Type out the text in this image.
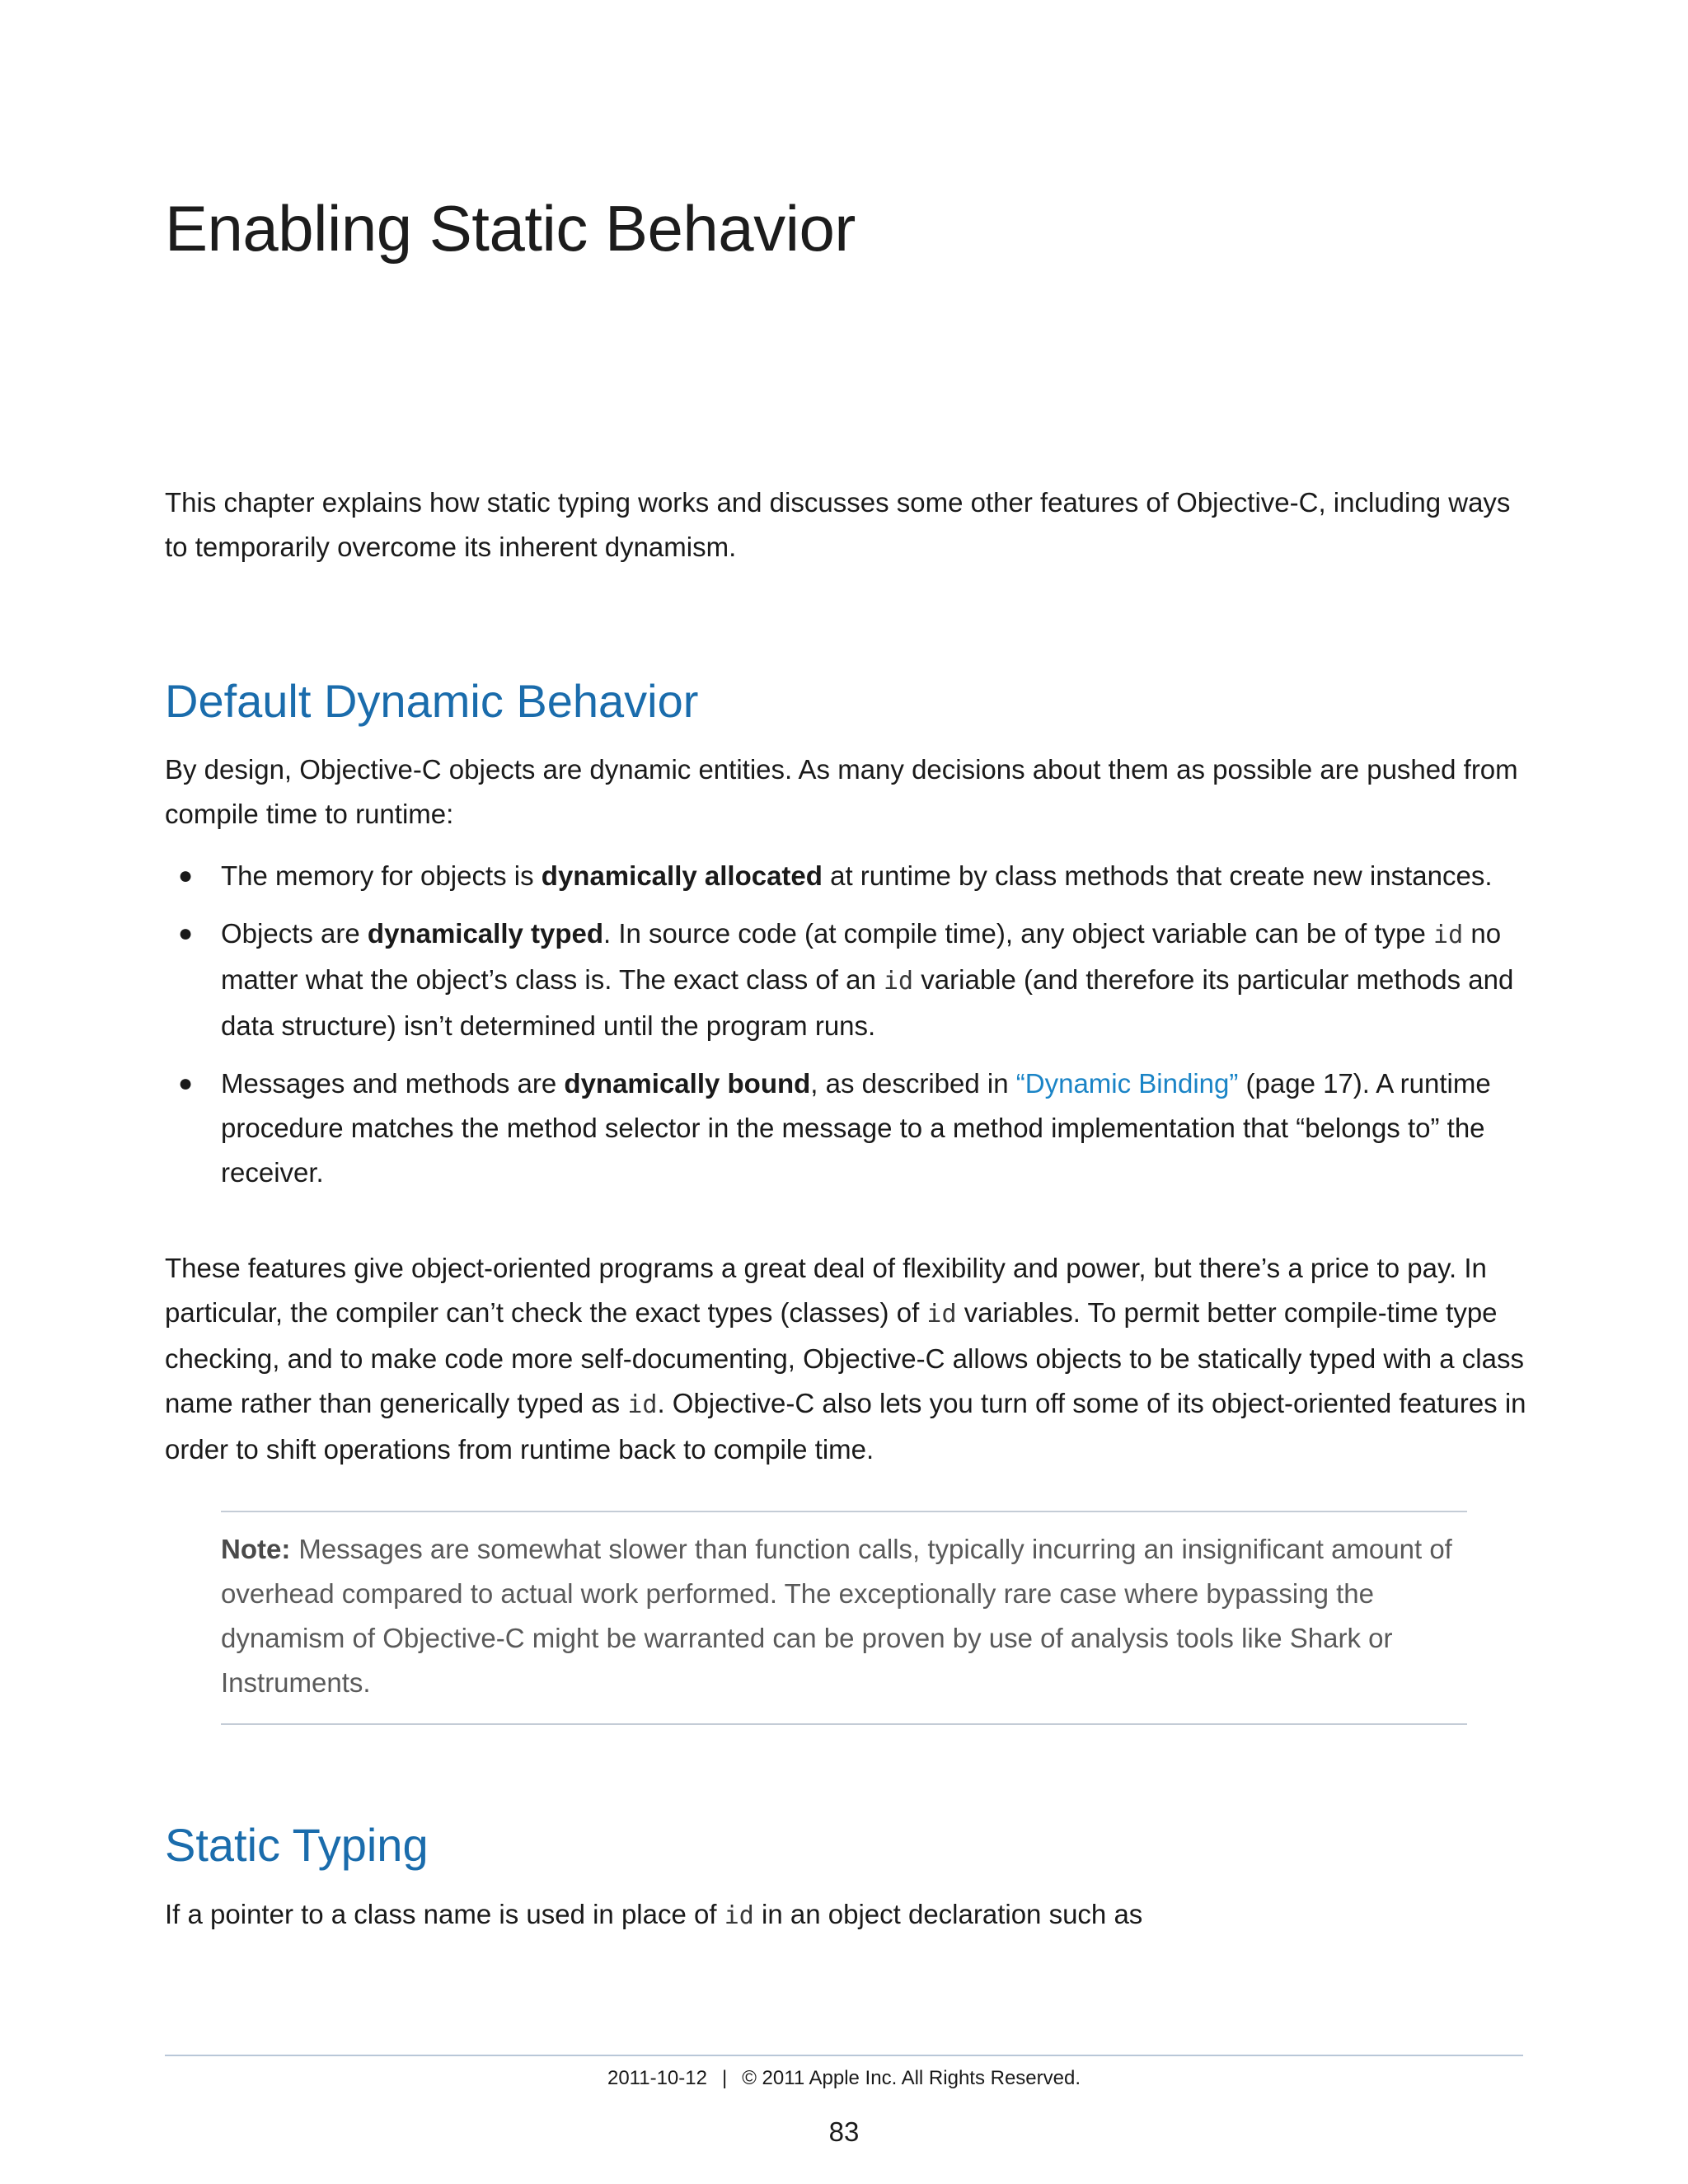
Enabling Static Behavior

This chapter explains how static typing works and discusses some other features of Objective-C, including ways to temporarily overcome its inherent dynamism.

Default Dynamic Behavior

By design, Objective-C objects are dynamic entities. As many decisions about them as possible are pushed from compile time to runtime:

● The memory for objects is dynamically allocated at runtime by class methods that create new instances.
● Objects are dynamically typed. In source code (at compile time), any object variable can be of type id no matter what the object’s class is. The exact class of an id variable (and therefore its particular methods and data structure) isn’t determined until the program runs.
● Messages and methods are dynamically bound, as described in “Dynamic Binding” (page 17). A runtime procedure matches the method selector in the message to a method implementation that “belongs to” the receiver.

These features give object-oriented programs a great deal of flexibility and power, but there’s a price to pay. In particular, the compiler can’t check the exact types (classes) of id variables. To permit better compile-time type checking, and to make code more self-documenting, Objective-C allows objects to be statically typed with a class name rather than generically typed as id. Objective-C also lets you turn off some of its object-oriented features in order to shift operations from runtime back to compile time.

Note: Messages are somewhat slower than function calls, typically incurring an insignificant amount of overhead compared to actual work performed. The exceptionally rare case where bypassing the dynamism of Objective-C might be warranted can be proven by use of analysis tools like Shark or Instruments.
Static Typing

If a pointer to a class name is used in place of id in an object declaration such as

2011-10-12 | © 2011 Apple Inc. All Rights Reserved.
83
